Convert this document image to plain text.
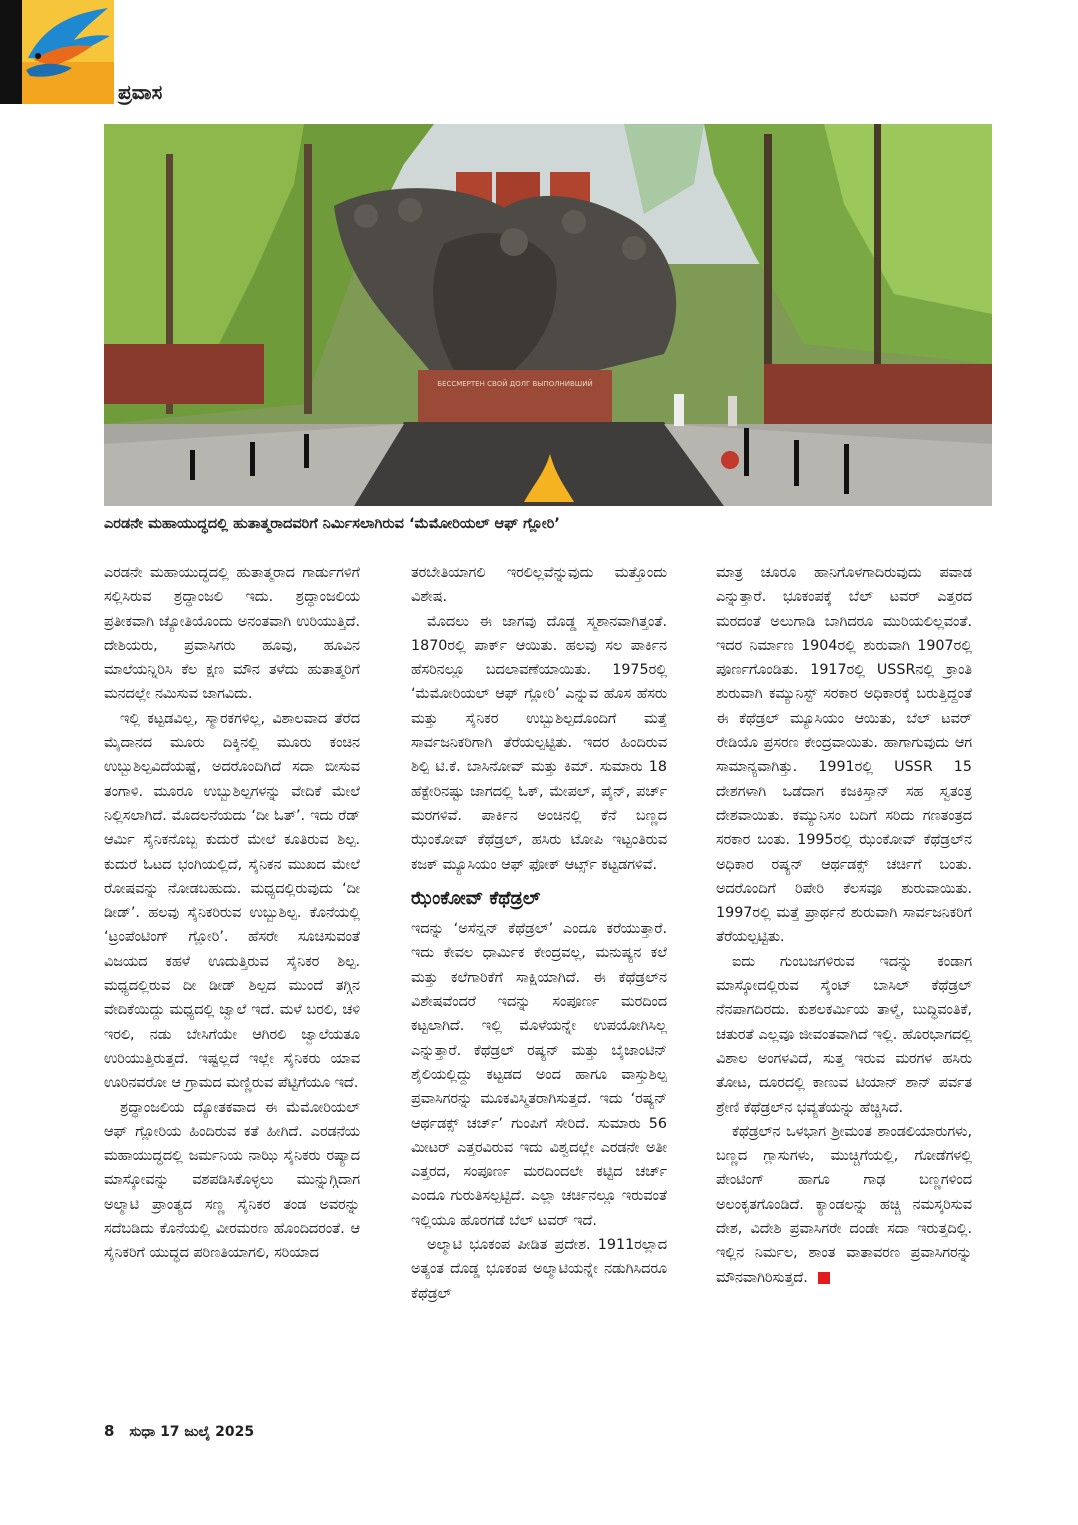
ಪ್ರವಾಸ
БЕССМЕРТЕН СВОЙ ДОЛГ ВЫПОЛНИВШИЙ
ಎರಡನೇ ಮಹಾಯುದ್ಧದಲ್ಲಿ ಹುತಾತ್ಮರಾದವರಿಗೆ ನಿರ್ಮಿಸಲಾಗಿರುವ ‘ಮೆಮೋರಿಯಲ್ ಆಫ್ ಗ್ಲೋರಿ’

ಎರಡನೇ ಮಹಾಯುದ್ಧದಲ್ಲಿ ಹುತಾತ್ಮರಾದ ಗಾರ್ಡುಗಳಿಗೆ ಸಲ್ಲಿಸಿರುವ ಶ್ರದ್ಧಾಂಜಲಿ ಇದು. ಶ್ರದ್ಧಾಂಜಲಿಯ ಪ್ರತೀಕವಾಗಿ ಜ್ಯೋತಿಯೊಂದು ಅನಂತವಾಗಿ ಉರಿಯುತ್ತಿದೆ. ದೇಶಿಯರು, ಪ್ರವಾಸಿಗರು ಹೂವು, ಹೂವಿನ ಮಾಲೆಯನ್ನಿರಿಸಿ ಕೆಲ ಕ್ಷಣ ಮೌನ ತಳೆದು ಹುತಾತ್ಮರಿಗೆ ಮನದಲ್ಲೇ ನಮಿಸುವ ಜಾಗವಿದು.

ಇಲ್ಲಿ ಕಟ್ಟಡವಿಲ್ಲ, ಸ್ಮಾರಕಗಳಿಲ್ಲ, ವಿಶಾಲವಾದ ತೆರೆದ ಮೈದಾನದ ಮೂರು ದಿಕ್ಕಿನಲ್ಲಿ ಮೂರು ಕಂಚಿನ ಉಬ್ಬುಶಿಲ್ಪವಿದೆಯಷ್ಟೆ, ಅದರೊಂದಿಗಿದೆ ಸದಾ ಬೀಸುವ ತಂಗಾಳಿ. ಮೂರೂ ಉಬ್ಬುಶಿಲ್ಪಗಳನ್ನು ವೇದಿಕೆ ಮೇಲೆ ನಿಲ್ಲಿಸಲಾಗಿದೆ. ಮೊದಲನೆಯದು ‘ದೀ ಓತ್’. ಇದು ರೆಡ್ ಆರ್ಮಿ ಸೈನಿಕನೊಬ್ಬ ಕುದುರೆ ಮೇಲೆ ಕೂತಿರುವ ಶಿಲ್ಪ. ಕುದುರೆ ಓಟದ ಭಂಗಿಯಲ್ಲಿದೆ, ಸೈನಿಕನ ಮುಖದ ಮೇಲೆ ರೋಷವನ್ನು ನೋಡಬಹುದು. ಮಧ್ಯದಲ್ಲಿರುವುದು ‘ದೀ ಡೀಡ್’. ಹಲವು ಸೈನಿಕರಿರುವ ಉಬ್ಬುಶಿಲ್ಪ. ಕೊನೆಯಲ್ಲಿ ‘ಟ್ರಂಪೆಂಟಿಂಗ್ ಗ್ಲೋರಿ’. ಹೆಸರೇ ಸೂಚಿಸುವಂತೆ ವಿಜಯದ ಕಹಳೆ ಊದುತ್ತಿರುವ ಸೈನಿಕರ ಶಿಲ್ಪ. ಮಧ್ಯದಲ್ಲಿರುವ ದೀ ಡೀಡ್ ಶಿಲ್ಪದ ಮುಂದೆ ತಗ್ಗಿನ ವೇದಿಕೆಯಿದ್ದು ಮಧ್ಯದಲ್ಲಿ ಜ್ವಾಲೆ ಇದೆ. ಮಳೆ ಬರಲಿ, ಚಳಿ ಇರಲಿ, ನಡು ಬೇಸಿಗೆಯೇ ಆಗಿರಲಿ ಜ್ವಾಲೆಯತೂ ಉರಿಯುತ್ತಿರುತ್ತದೆ. ಇಷ್ಟಲ್ಲದೆ ಇಲ್ಲೇ ಸೈನಿಕರು ಯಾವ ಊರಿನವರೋ ಆ ಗ್ರಾಮದ ಮಣ್ಣಿರುವ ಪೆಟ್ಟಿಗೆಯೂ ಇದೆ.

ಶ್ರದ್ಧಾಂಜಲಿಯ ದ್ಯೋತಕವಾದ ಈ ಮೆಮೋರಿಯಲ್ ಆಫ್ ಗ್ಲೋರಿಯ ಹಿಂದಿರುವ ಕತೆ ಹೀಗಿದೆ. ಎರಡನೆಯ ಮಹಾಯುದ್ಧದಲ್ಲಿ ಜರ್ಮನಿಯ ನಾಝಿ ಸೈನಿಕರು ರಷ್ಯಾದ ಮಾಸ್ಕೋವನ್ನು ವಶಪಡಿಸಿಕೊಳ್ಳಲು ಮುನ್ನುಗ್ಗಿದಾಗ ಅಲ್ಮಾಟಿ ಪ್ರಾಂತ್ಯದ ಸಣ್ಣ ಸೈನಿಕರ ತಂಡ ಅವರನ್ನು ಸದೆಬಡಿದು ಕೊನೆಯಲ್ಲಿ ವೀರಮರಣ ಹೊಂದಿದರಂತೆ. ಆ ಸೈನಿಕರಿಗೆ ಯುದ್ಧದ ಪರಿಣತಿಯಾಗಲಿ, ಸರಿಯಾದ

ತರಬೇತಿಯಾಗಲಿ ಇರಲಿಲ್ಲವೆನ್ನುವುದು ಮತ್ತೊಂದು ವಿಶೇಷ.

ಮೊದಲು ಈ ಜಾಗವು ದೊಡ್ಡ ಸ್ಮಶಾನವಾಗಿತ್ತಂತೆ. 1870ರಲ್ಲಿ ಪಾರ್ಕ್ ಆಯಿತು. ಹಲವು ಸಲ ಪಾರ್ಕಿನ ಹೆಸರಿನಲ್ಲೂ ಬದಲಾವಣೆಯಾಯಿತು. 1975ರಲ್ಲಿ ‘ಮೆಮೋರಿಯಲ್ ಆಫ್ ಗ್ಲೋರಿ’ ಎನ್ನುವ ಹೊಸ ಹೆಸರು ಮತ್ತು ಸೈನಿಕರ ಉಬ್ಬುಶಿಲ್ಪದೊಂದಿಗೆ ಮತ್ತೆ ಸಾರ್ವಜನಿಕರಿಗಾಗಿ ತೆರೆಯಲ್ಪಟ್ಟಿತು. ಇದರ ಹಿಂದಿರುವ ಶಿಲ್ಪಿ ಟಿ.ಕೆ. ಬಾಸಿನೋವ್ ಮತ್ತು ಕಿಮ್. ಸುಮಾರು 18 ಹೆಕ್ಟೇರಿನಷ್ಟು ಜಾಗದಲ್ಲಿ ಓಕ್, ಮೇಪಲ್, ಪೈನ್, ಪರ್ಚ್ ಮರಗಳಿವೆ. ಪಾರ್ಕಿನ ಅಂಚಿನಲ್ಲಿ ಕೆನೆ ಬಣ್ಣದ ಝೆಂಕೋವ್ ಕೆಥೆಡ್ರಲ್, ಹಸಿರು ಟೋಪಿ ಇಟ್ಟಂತಿರುವ ಕಜಕ್ ಮ್ಯೂಸಿಯಂ ಆಫ್ ಫೋಕ್ ಆರ್ಟ್ಸ್ ಕಟ್ಟಡಗಳಿವೆ.

ಝೆಂಕೋವ್ ಕೆಥೆಡ್ರಲ್

ಇದನ್ನು ‘ಅಸೆನ್ಷನ್ ಕೆಥೆಡ್ರಲ್’ ಎಂದೂ ಕರೆಯುತ್ತಾರೆ. ಇದು ಕೇವಲ ಧಾರ್ಮಿಕ ಕೇಂದ್ರವಲ್ಲ, ಮನುಷ್ಯನ ಕಲೆ ಮತ್ತು ಕಲೆಗಾರಿಕೆಗೆ ಸಾಕ್ಷಿಯಾಗಿದೆ. ಈ ಕೆಥೆಡ್ರಲ್‌ನ ವಿಶೇಷವೆಂದರೆ ಇದನ್ನು ಸಂಪೂರ್ಣ ಮರದಿಂದ ಕಟ್ಟಲಾಗಿದೆ. ಇಲ್ಲಿ ಮೊಳೆಯನ್ನೇ ಉಪಯೋಗಿಸಿಲ್ಲ ಎನ್ನುತ್ತಾರೆ. ಕೆಥೆಡ್ರಲ್ ರಷ್ಯನ್ ಮತ್ತು ಬೈಜಾಂಟಿನ್ ಶೈಲಿಯಲ್ಲಿದ್ದು ಕಟ್ಟಡದ ಅಂದ ಹಾಗೂ ವಾಸ್ತುಶಿಲ್ಪ ಪ್ರವಾಸಿಗರನ್ನು ಮೂಕವಿಸ್ಮಿತರಾಗಿಸುತ್ತದೆ. ಇದು ‘ರಷ್ಯನ್ ಆರ್ಥಡಕ್ಸ್ ಚರ್ಚ್’ ಗುಂಪಿಗೆ ಸೇರಿದೆ. ಸುಮಾರು 56 ಮೀಟರ್ ಎತ್ತರವಿರುವ ಇದು ವಿಶ್ವದಲ್ಲೇ ಎರಡನೇ ಅತೀ ಎತ್ತರದ, ಸಂಪೂರ್ಣ ಮರದಿಂದಲೇ ಕಟ್ಟಿದ ಚರ್ಚ್ ಎಂದೂ ಗುರುತಿಸಲ್ಪಟ್ಟಿದೆ. ಎಲ್ಲಾ ಚರ್ಚಿನಲ್ಲೂ ಇರುವಂತೆ ಇಲ್ಲಿಯೂ ಹೊರಗಡೆ ಬೆಲ್ ಟವರ್ ಇದೆ.

ಅಲ್ಮಾಟಿ ಭೂಕಂಪ ಪೀಡಿತ ಪ್ರದೇಶ. 1911ರಲ್ಲಾದ ಅತ್ಯಂತ ದೊಡ್ಡ ಭೂಕಂಪ ಅಲ್ಮಾಟಿಯನ್ನೇ ನಡುಗಿಸಿದರೂ ಕೆಥೆಡ್ರಲ್

ಮಾತ್ರ ಚೂರೂ ಹಾನಿಗೊಳಗಾದಿರುವುದು ಪವಾಡ ಎನ್ನುತ್ತಾರೆ. ಭೂಕಂಪಕ್ಕೆ ಬೆಲ್ ಟವರ್ ಎತ್ತರದ ಮರದಂತೆ ಅಲುಗಾಡಿ ಬಾಗಿದರೂ ಮುರಿಯಲಿಲ್ಲವಂತೆ. ಇದರ ನಿರ್ಮಾಣ 1904ರಲ್ಲಿ ಶುರುವಾಗಿ 1907ರಲ್ಲಿ ಪೂರ್ಣಗೊಂಡಿತು. 1917ರಲ್ಲಿ USSRನಲ್ಲಿ ಕ್ರಾಂತಿ ಶುರುವಾಗಿ ಕಮ್ಯುನಿಸ್ಟ್ ಸರಕಾರ ಅಧಿಕಾರಕ್ಕೆ ಬರುತ್ತಿದ್ದಂತೆ ಈ ಕೆಥೆಡ್ರಲ್ ಮ್ಯೂಸಿಯಂ ಆಯಿತು, ಬೆಲ್ ಟವರ್ ರೇಡಿಯೊ ಪ್ರಸರಣ ಕೇಂದ್ರವಾಯಿತು. ಹಾಗಾಗುವುದು ಆಗ ಸಾಮಾನ್ಯವಾಗಿತ್ತು. 1991ರಲ್ಲಿ USSR 15 ದೇಶಗಳಾಗಿ ಒಡೆದಾಗ ಕಜಕಿಸ್ತಾನ್ ಸಹ ಸ್ವತಂತ್ರ ದೇಶವಾಯಿತು. ಕಮ್ಯುನಿಸಂ ಬದಿಗೆ ಸರಿದು ಗಣತಂತ್ರದ ಸರಕಾರ ಬಂತು. 1995ರಲ್ಲಿ ಝೆಂಕೋವ್ ಕೆಥೆಡ್ರಲ್‌ನ ಅಧಿಕಾರ ರಷ್ಯನ್ ಆರ್ಥಡಕ್ಸ್ ಚರ್ಚಿಗೆ ಬಂತು. ಅದರೊಂದಿಗೆ ರಿಪೇರಿ ಕೆಲಸವೂ ಶುರುವಾಯಿತು. 1997ರಲ್ಲಿ ಮತ್ತೆ ಪ್ರಾರ್ಥನೆ ಶುರುವಾಗಿ ಸಾರ್ವಜನಿಕರಿಗೆ ತೆರೆಯಲ್ಪಟ್ಟಿತು.

ಐದು ಗುಂಬಜಗಳಿರುವ ಇದನ್ನು ಕಂಡಾಗ ಮಾಸ್ಕೋದಲ್ಲಿರುವ ಸೈಂಟ್ ಬಾಸಿಲ್ ಕೆಥೆಡ್ರಲ್ ನೆನಪಾಗದಿರದು. ಕುಶಲಕರ್ಮಿಯ ತಾಳ್ಮೆ, ಬುದ್ಧಿವಂತಿಕೆ, ಚತುರತೆ ಎಲ್ಲವೂ ಜೀವಂತವಾಗಿದೆ ಇಲ್ಲಿ. ಹೊರಭಾಗದಲ್ಲಿ ವಿಶಾಲ ಅಂಗಳವಿದೆ, ಸುತ್ತ ಇರುವ ಮರಗಳ ಹಸಿರು ತೋಟ, ದೂರದಲ್ಲಿ ಕಾಣುವ ಟಿಯಾನ್ ಶಾನ್ ಪರ್ವತ ಶ್ರೇಣಿ ಕೆಥೆಡ್ರಲ್‌ನ ಭವ್ಯತೆಯನ್ನು ಹೆಚ್ಚಿಸಿದೆ.

ಕೆಥೆಡ್ರಲ್‌ನ ಒಳಭಾಗ ಶ್ರೀಮಂತ ಶಾಂಡಲಿಯಾರುಗಳು, ಬಣ್ಣದ ಗ್ಲಾಸುಗಳು, ಮುಚ್ಚಿಗೆಯಲ್ಲಿ, ಗೋಡೆಗಳಲ್ಲಿ ಪೇಂಟಿಂಗ್ ಹಾಗೂ ಗಾಢ ಬಣ್ಣಗಳಿಂದ ಅಲಂಕೃತಗೊಂಡಿದೆ. ಕ್ಯಾಂಡಲನ್ನು ಹಚ್ಚಿ ನಮಸ್ಕರಿಸುವ ದೇಶ, ವಿದೇಶಿ ಪ್ರವಾಸಿಗರೇ ದಂಡೇ ಸದಾ ಇರುತ್ತದಿಲ್ಲಿ. ಇಲ್ಲಿನ ನಿರ್ಮಲ, ಶಾಂತ ವಾತಾವರಣ ಪ್ರವಾಸಿಗರನ್ನು ಮೌನವಾಗಿರಿಸುತ್ತದೆ.

8 ಸುಧಾ 17 ಜುಲೈ 2025
